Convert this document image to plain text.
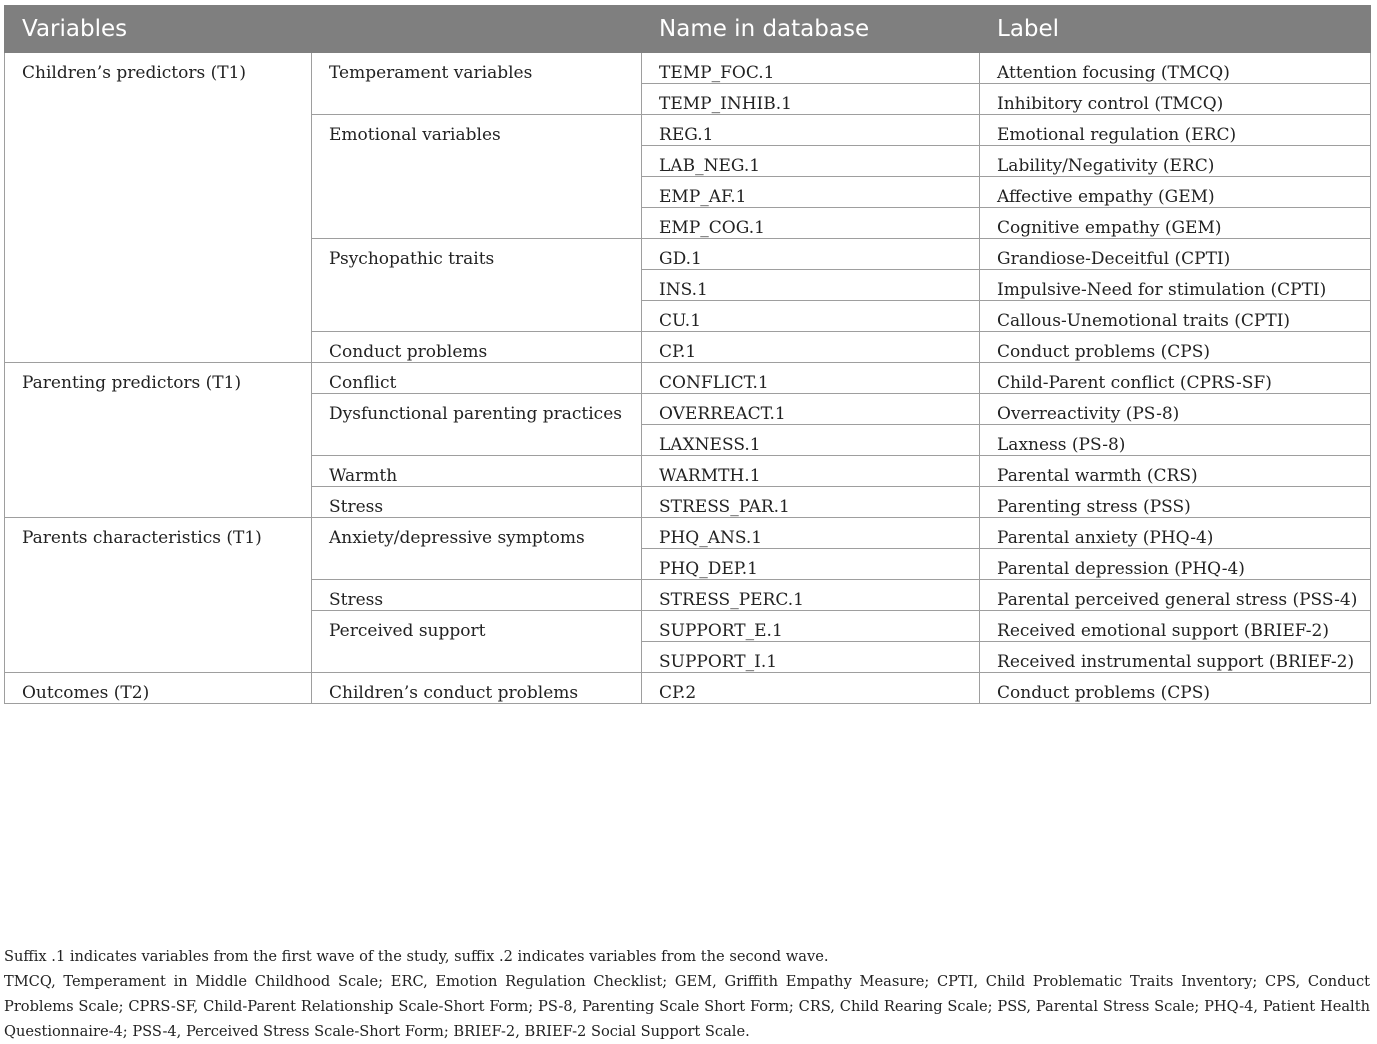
Variables		Name in database	Label
Children’s predictors (T1)	Temperament variables	TEMP_FOC.1	Attention focusing (TMCQ)
		TEMP_INHIB.1	Inhibitory control (TMCQ)
	Emotional variables	REG.1	Emotional regulation (ERC)
		LAB_NEG.1	Lability/Negativity (ERC)
		EMP_AF.1	Affective empathy (GEM)
		EMP_COG.1	Cognitive empathy (GEM)
	Psychopathic traits	GD.1	Grandiose-Deceitful (CPTI)
		INS.1	Impulsive-Need for stimulation (CPTI)
		CU.1	Callous-Unemotional traits (CPTI)
	Conduct problems	CP.1	Conduct problems (CPS)
Parenting predictors (T1)	Conflict	CONFLICT.1	Child-Parent conflict (CPRS-SF)
	Dysfunctional parenting practices	OVERREACT.1	Overreactivity (PS-8)
		LAXNESS.1	Laxness (PS-8)
	Warmth	WARMTH.1	Parental warmth (CRS)
	Stress	STRESS_PAR.1	Parenting stress (PSS)
Parents characteristics (T1)	Anxiety/depressive symptoms	PHQ_ANS.1	Parental anxiety (PHQ-4)
		PHQ_DEP.1	Parental depression (PHQ-4)
	Stress	STRESS_PERC.1	Parental perceived general stress (PSS-4)
	Perceived support	SUPPORT_E.1	Received emotional support (BRIEF-2)
		SUPPORT_I.1	Received instrumental support (BRIEF-2)
Outcomes (T2)	Children’s conduct problems	CP.2	Conduct problems (CPS)

Suffix .1 indicates variables from the first wave of the study, suffix .2 indicates variables from the second wave.

TMCQ, Temperament in Middle Childhood Scale; ERC, Emotion Regulation Checklist; GEM, Griffith Empathy Measure; CPTI, Child Problematic Traits Inventory; CPS, Conduct Problems Scale; CPRS-SF, Child-Parent Relationship Scale-Short Form; PS-8, Parenting Scale Short Form; CRS, Child Rearing Scale; PSS, Parental Stress Scale; PHQ-4, Patient Health Questionnaire-4; PSS-4, Perceived Stress Scale-Short Form; BRIEF-2, BRIEF-2 Social Support Scale.
